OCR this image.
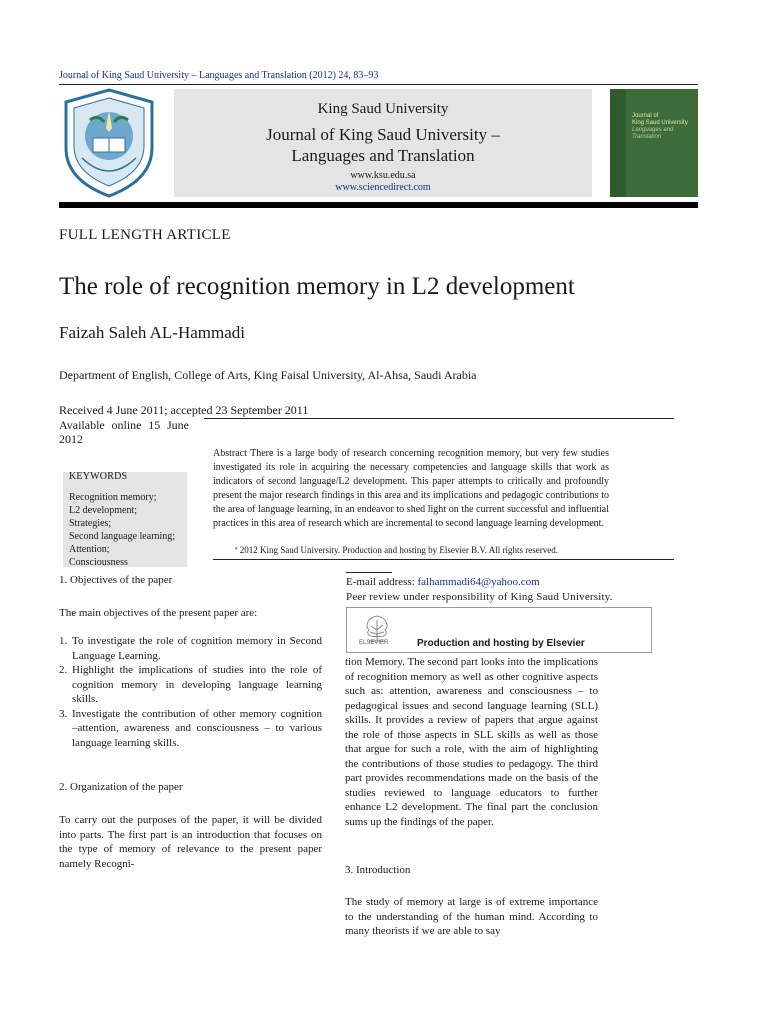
Journal of King Saud University – Languages and Translation (2012) 24, 83–93
King Saud University
Journal of King Saud University –
Languages and Translation
www.ksu.edu.sa
www.sciencedirect.com
Journal of
King Saud University
Languages and
Translation
FULL LENGTH ARTICLE
The role of recognition memory in L2 development
Faizah Saleh AL-Hammadi
Department of English, College of Arts, King Faisal University, Al-Ahsa, Saudi Arabia
Received 4 June 2011; accepted 23 September 2011
Available online 15 June 2012
KEYWORDS
Recognition memory;
L2 development;
Strategies;
Second language learning;
Attention;
Consciousness
Abstract There is a large body of research concerning recognition memory, but very few studies investigated its role in acquiring the necessary competencies and language skills that work as indicators of second language/L2 development. This paper attempts to critically and profoundly present the major research findings in this area and its implications and pedagogic contributions to the area of language learning, in an endeavor to shed light on the current successful and influential practices in this area of research which are incremental to second language learning development.
ª 2012 King Saud University. Production and hosting by Elsevier B.V. All rights reserved.
1. Objectives of the paper
The main objectives of the present paper are:
1. To investigate the role of cognition memory in Second Language Learning.
2. Highlight the implications of studies into the role of cognition memory in developing language learning skills.
3. Investigate the contribution of other memory cognition –attention, awareness and consciousness – to various language learning skills.
2. Organization of the paper
To carry out the purposes of the paper, it will be divided into parts. The first part is an introduction that focuses on the type of memory of relevance to the present paper namely Recogni-
E-mail address: falhammadi64@yahoo.com
Peer review under responsibility of King Saud University.
ELSEVIER	Production and hosting by Elsevier
tion Memory. The second part looks into the implications of recognition memory as well as other cognitive aspects such as: attention, awareness and consciousness – to pedagogical issues and second language learning (SLL) skills. It provides a review of papers that argue against the role of those aspects in SLL skills as well as those that argue for such a role, with the aim of highlighting the contributions of those studies to pedagogy. The third part provides recommendations made on the basis of the studies reviewed to language educators to further enhance L2 development. The final part the conclusion sums up the findings of the paper.
3. Introduction
The study of memory at large is of extreme importance to the understanding of the human mind. According to many theorists if we are able to say
